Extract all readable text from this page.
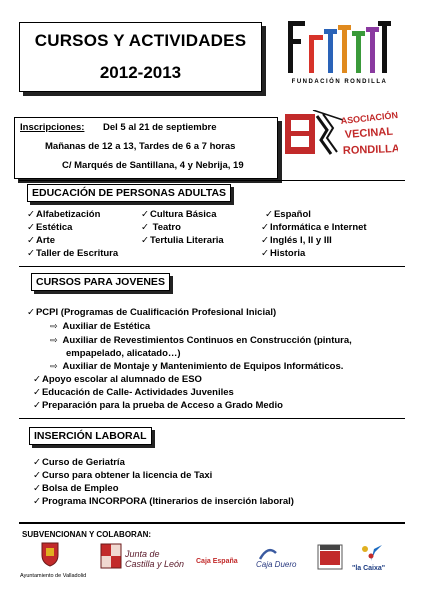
CURSOS Y ACTIVIDADES
2012-2013	FUNDACIÓN RONDILLA
Inscripciones: Del 5 al 21 de septiembre
Mañanas de 12 a 13, Tardes de 6 a 7 horas
C/ Marqués de Santillana, 4 y Nebrija, 19
ASOCIACIÓN
VECINAL
RONDILLA
EDUCACIÓN DE PERSONAS ADULTAS
✓ Alfabetización
✓ Estética
✓ Arte
✓ Taller de Escritura
✓ Cultura Básica
✓ Teatro
✓ Tertulia Literaria
✓ Español
✓ Informática e Internet
✓ Inglés I, II y III
✓ Historia
CURSOS PARA JOVENES
✓ PCPI (Programas de Cualificación Profesional Inicial)
⇨ Auxiliar de Estética
⇨ Auxiliar de Revestimientos Continuos en Construcción (pintura,
empapelado, alicatado…)
⇨ Auxiliar de Montaje y Mantenimiento de Equipos Informáticos.
✓ Apoyo escolar al alumnado de ESO
✓ Educación de Calle- Actividades Juveniles
✓ Preparación para la prueba de Acceso a Grado Medio
INSERCIÓN LABORAL
✓ Curso de Geriatría
✓ Curso para obtener la licencia de Taxi
✓ Bolsa de Empleo
✓ Programa INCORPORA (Itinerarios de inserción laboral)
SUBVENCIONAN Y COLABORAN:
Ayuntamiento de Valladolid
Junta de
Castilla y León Caja España Caja Duero	"la Caixa"
